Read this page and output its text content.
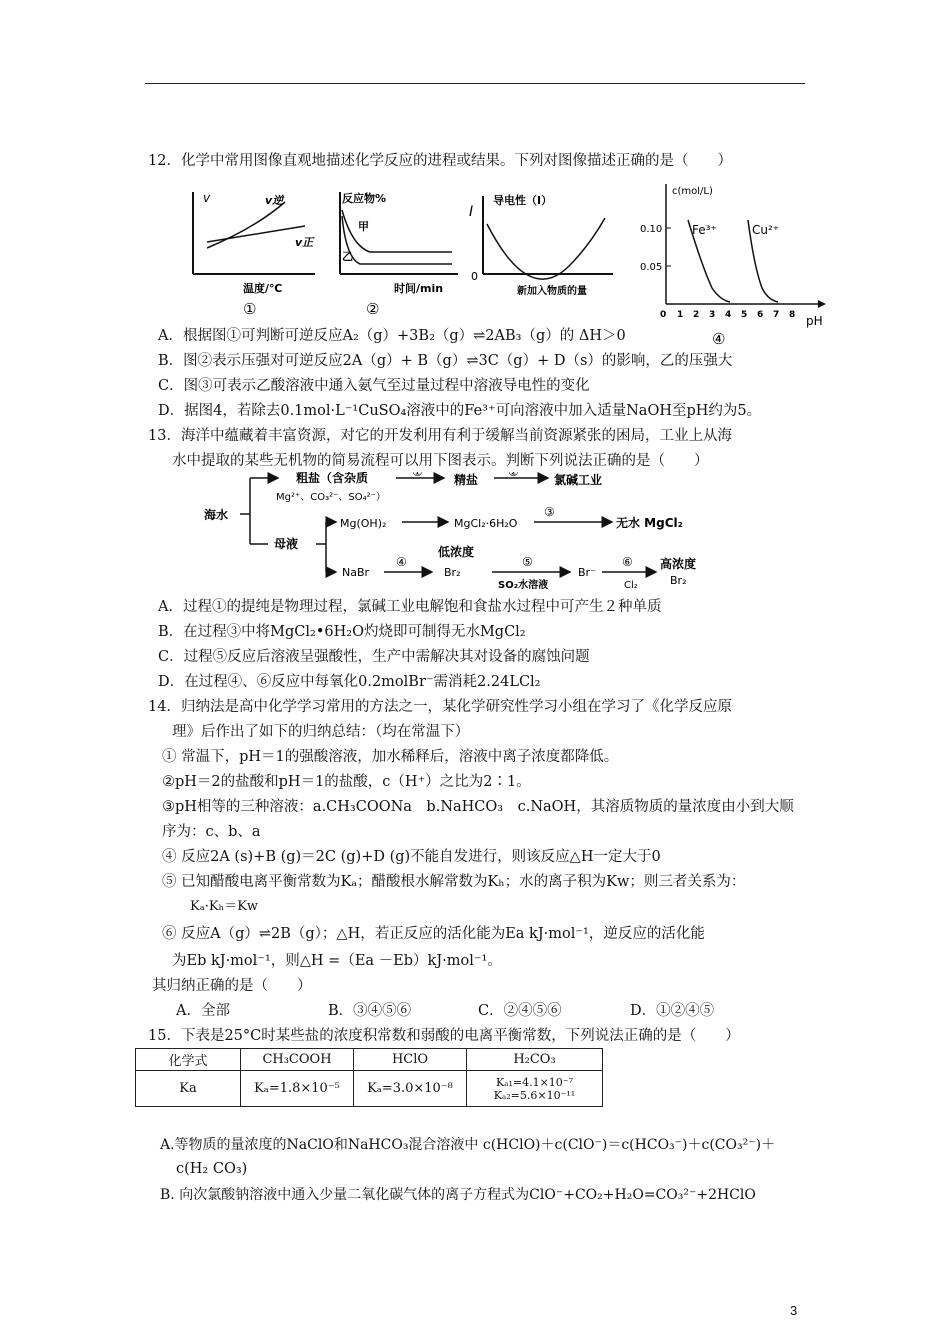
12．化学中常用图像直观地描述化学反应的进程或结果。下列对图像描述正确的是（　　）
v	v逆
v正
温度/℃
①
反应物%
甲
乙
时间/min
②
I
导电性（I）
0
新加入物质的量
c(mol/L)
0.10
0.05
Fe³⁺	Cu²⁺
0 1 2 3 4 5 6 7 8 pH
④
A．根据图①可判断可逆反应A₂（g）+3B₂（g）⇌2AB₃（g）的 ΔH＞0
B．图②表示压强对可逆反应2A（g）+ B（g）⇌3C（g）+ D（s）的影响，乙的压强大
C．图③可表示乙酸溶液中通入氨气至过量过程中溶液导电性的变化
D．据图4，若除去0.1mol·L⁻¹CuSO₄溶液中的Fe³⁺可向溶液中加入适量NaOH至pH约为5。
13．海洋中蕴藏着丰富资源，对它的开发利用有利于缓解当前资源紧张的困局，工业上从海
水中提取的某些无机物的简易流程可以用下图表示。判断下列说法正确的是（　　）
海水
粗盐（含杂质
Mg²⁺、CO₃²⁻、SO₄²⁻）
①
精盐
②
氯碱工业
母液
Mg(OH)₂	MgCl₂·6H₂O
③
无水 MgCl₂
NaBr
④
低浓度
Br₂
⑤
SO₂水溶液
Br⁻
⑥
Cl₂
高浓度
Br₂
A．过程①的提纯是物理过程，氯碱工业电解饱和食盐水过程中可产生２种单质
B．在过程③中将MgCl₂•6H₂O灼烧即可制得无水MgCl₂
C．过程⑤反应后溶液呈强酸性，生产中需解决其对设备的腐蚀问题
D．在过程④、⑥反应中每氧化0.2molBr⁻需消耗2.24LCl₂
14．归纳法是高中化学学习常用的方法之一，某化学研究性学习小组在学习了《化学反应原
理》后作出了如下的归纳总结：（均在常温下）
① 常温下，pH＝1的强酸溶液，加水稀释后，溶液中离子浓度都降低。
②pH＝2的盐酸和pH＝1的盐酸，c（H⁺）之比为2∶1。
③pH相等的三种溶液：a.CH₃COONa　b.NaHCO₃　c.NaOH，其溶质物质的量浓度由小到大顺
序为：c、b、a
④ 反应2A (s)+B (g)＝2C (g)+D (g)不能自发进行，则该反应△H一定大于0
⑤ 已知醋酸电离平衡常数为Kₐ；醋酸根水解常数为Kₕ；水的离子积为Kw；则三者关系为：
Kₐ·Kₕ＝Kw
⑥ 反应A（g）⇌2B（g）；△H，若正反应的活化能为Ea kJ·mol⁻¹，逆反应的活化能
为Eb kJ·mol⁻¹，则△H =（Ea －Eb）kJ·mol⁻¹。
其归纳正确的是（　　）
A．全部	B．③④⑤⑥	C．②④⑤⑥	D．①②④⑤
15．下表是25°C时某些盐的浓度积常数和弱酸的电离平衡常数，下列说法正确的是（　　）
化学式	CH₃COOH	HClO	H₂CO₃
Ka	Kₐ=1.8×10⁻⁵	Kₐ=3.0×10⁻⁸	Kₐ₁=4.1×10⁻⁷
Kₐ₂=5.6×10⁻¹¹
A.等物质的量浓度的NaClO和NaHCO₃混合溶液中 c(HClO)＋c(ClO⁻)＝c(HCO₃⁻)＋c(CO₃²⁻)＋
c(H₂ CO₃)
B. 向次氯酸钠溶液中通入少量二氧化碳气体的离子方程式为ClO⁻+CO₂+H₂O=CO₃²⁻+2HClO
3
